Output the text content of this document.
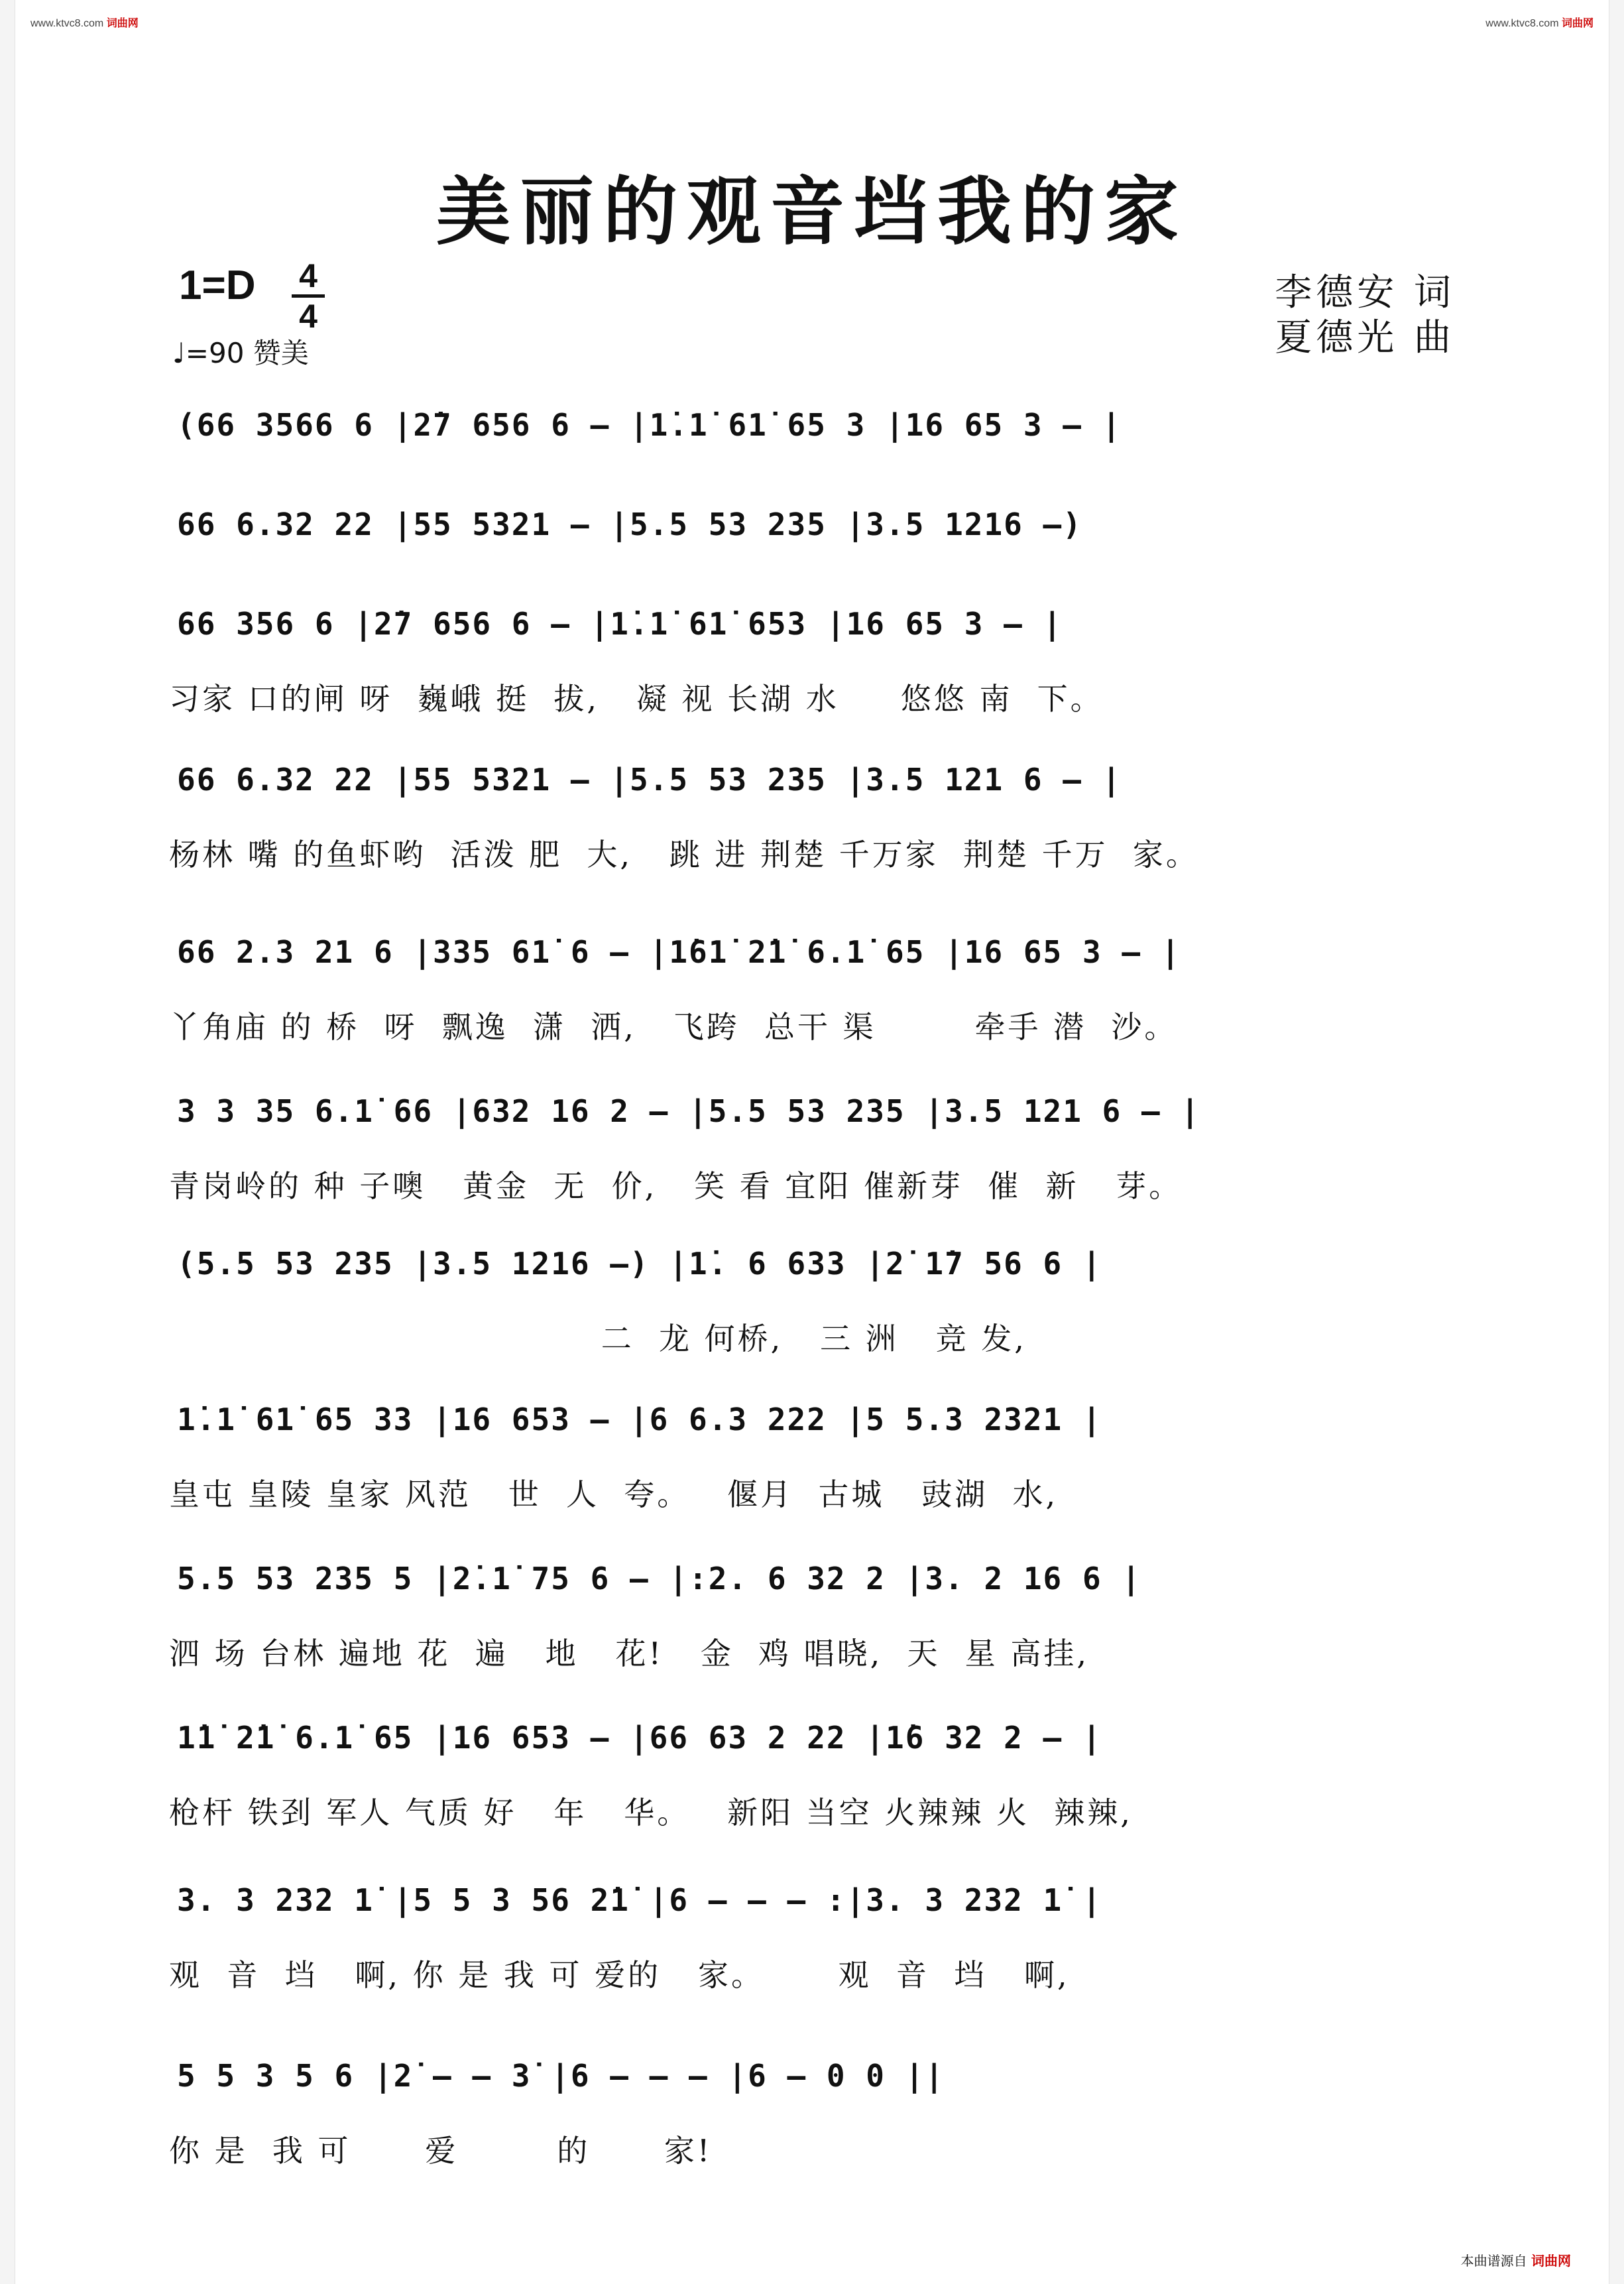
www.ktvc8.com 词曲网	www.ktvc8.com 词曲网
美丽的观音垱我的家
1=D 4
4
♩=90 赞美
李德安 词
夏德光 曲
(66 3566 6 |2̇7 656 6 – |1̇.1̇ 61̇ 65 3 |16 65 3 – |
66 6.32 22 |55 5321 – |5.5 53 235 |3.5 1216 –)
66 356 6 |2̇7 656 6 – |1̇.1̇ 61̇ 653 |16 65 3 – |
习家 口的闸 呀  巍峨 挺  拔,   凝 视 长湖 水     悠悠 南  下。
66 6.32 22 |55 5321 – |5.5 53 235 |3.5 121 6 – |
杨林 嘴 的鱼虾哟  活泼 肥  大,   跳 进 荆楚 千万家  荆楚 千万  家。
66 2.3 21 6 |335 61̇ 6 – |1̇61̇ 2̇1̇ 6.1̇ 65 |16 65 3 – |
丫角庙 的 桥  呀  飘逸  潇  洒,   飞跨  总干 渠        牵手 潜  沙。
3 3 35 6.1̇ 66 |632 16 2 – |5.5 53 235 |3.5 121 6 – |
青岗岭的 种 子噢   黄金  无  价,   笑 看 宜阳 催新芽  催  新   芽。
(5.5 53 235 |3.5 1216 –) |1̇. 6 633 |2̇ 1̇7 56 6 |
二  龙 何桥,   三 洲   竞 发,
1̇.1̇ 61̇ 65 33 |16 653 – |6 6.3 222 |5 5.3 2321 |
皇屯 皇陵 皇家 风范   世  人  夸。   偃月  古城   豉湖  水,
5.5 53 235 5 |2̇.1̇ 75 6 – |:2. 6 32 2 |3. 2 16 6 |
泗 场 台林 遍地 花  遍   地   花!   金  鸡 唱晓,  天  星 高挂,
1̇1̇ 2̇1̇ 6.1̇ 65 |16 653 – |66 63 2 22 |1̇6 32 2 – |
枪杆 铁刭 军人 气质 好   年   华。   新阳 当空 火辣辣 火  辣辣,
3. 3 232 1̇ |5 5 3 56 2̇1̇ |6 – – – :|3. 3 232 1̇ |
观  音  垱   啊, 你 是 我 可 爱的   家。      观  音  垱   啊,
5 5 3 5 6 |2̇ – – 3̇ |6 – – – |6 – 0 0 ||
你 是  我 可      爱        的      家!
本曲谱源自 词曲网
